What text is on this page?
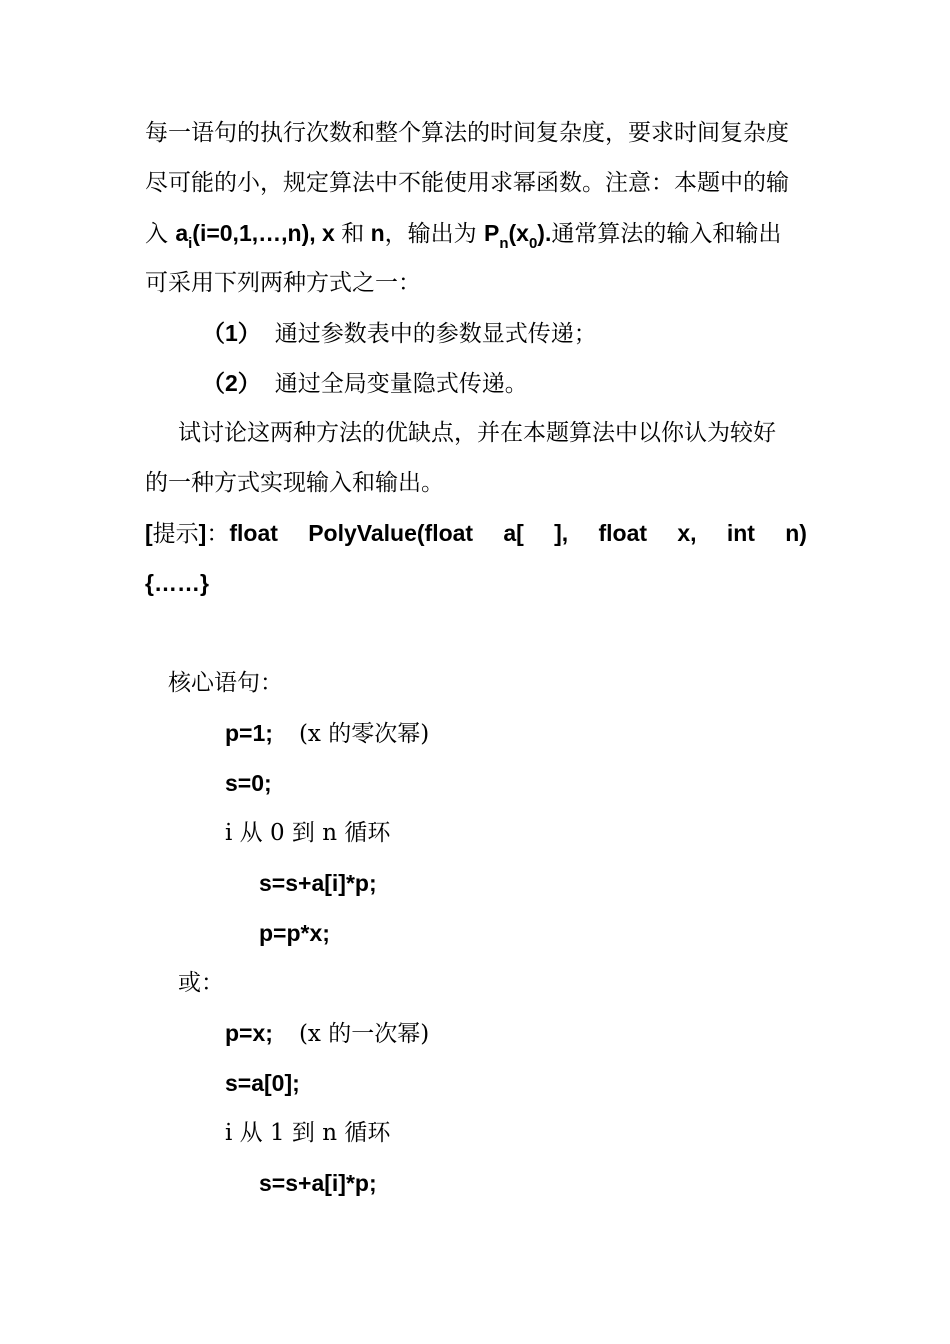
每一语句的执行次数和整个算法的时间复杂度，要求时间复杂度
尽可能的小，规定算法中不能使用求幂函数。注意：本题中的输
入 $a_i(i=0,1,\dots,n)$, x 和 n，输出为 $P_n(x_0)$.通常算法的输入和输出
可采用下列两种方式之一：
（1） 通过参数表中的参数显式传递；
（2） 通过全局变量隐式传递。
试讨论这两种方法的优缺点，并在本题算法中以你认为较好
的一种方式实现输入和输出。
[提示]：float PolyValue(float a[ ], float x, int n)
{……}
核心语句：
p=1; (x 的零次幂)
s=0;
i 从 0 到 n 循环
s=s+a[i]*p;
p=p*x;
或：
p=x; (x 的一次幂)
s=a[0];
i 从 1 到 n 循环
s=s+a[i]*p;
